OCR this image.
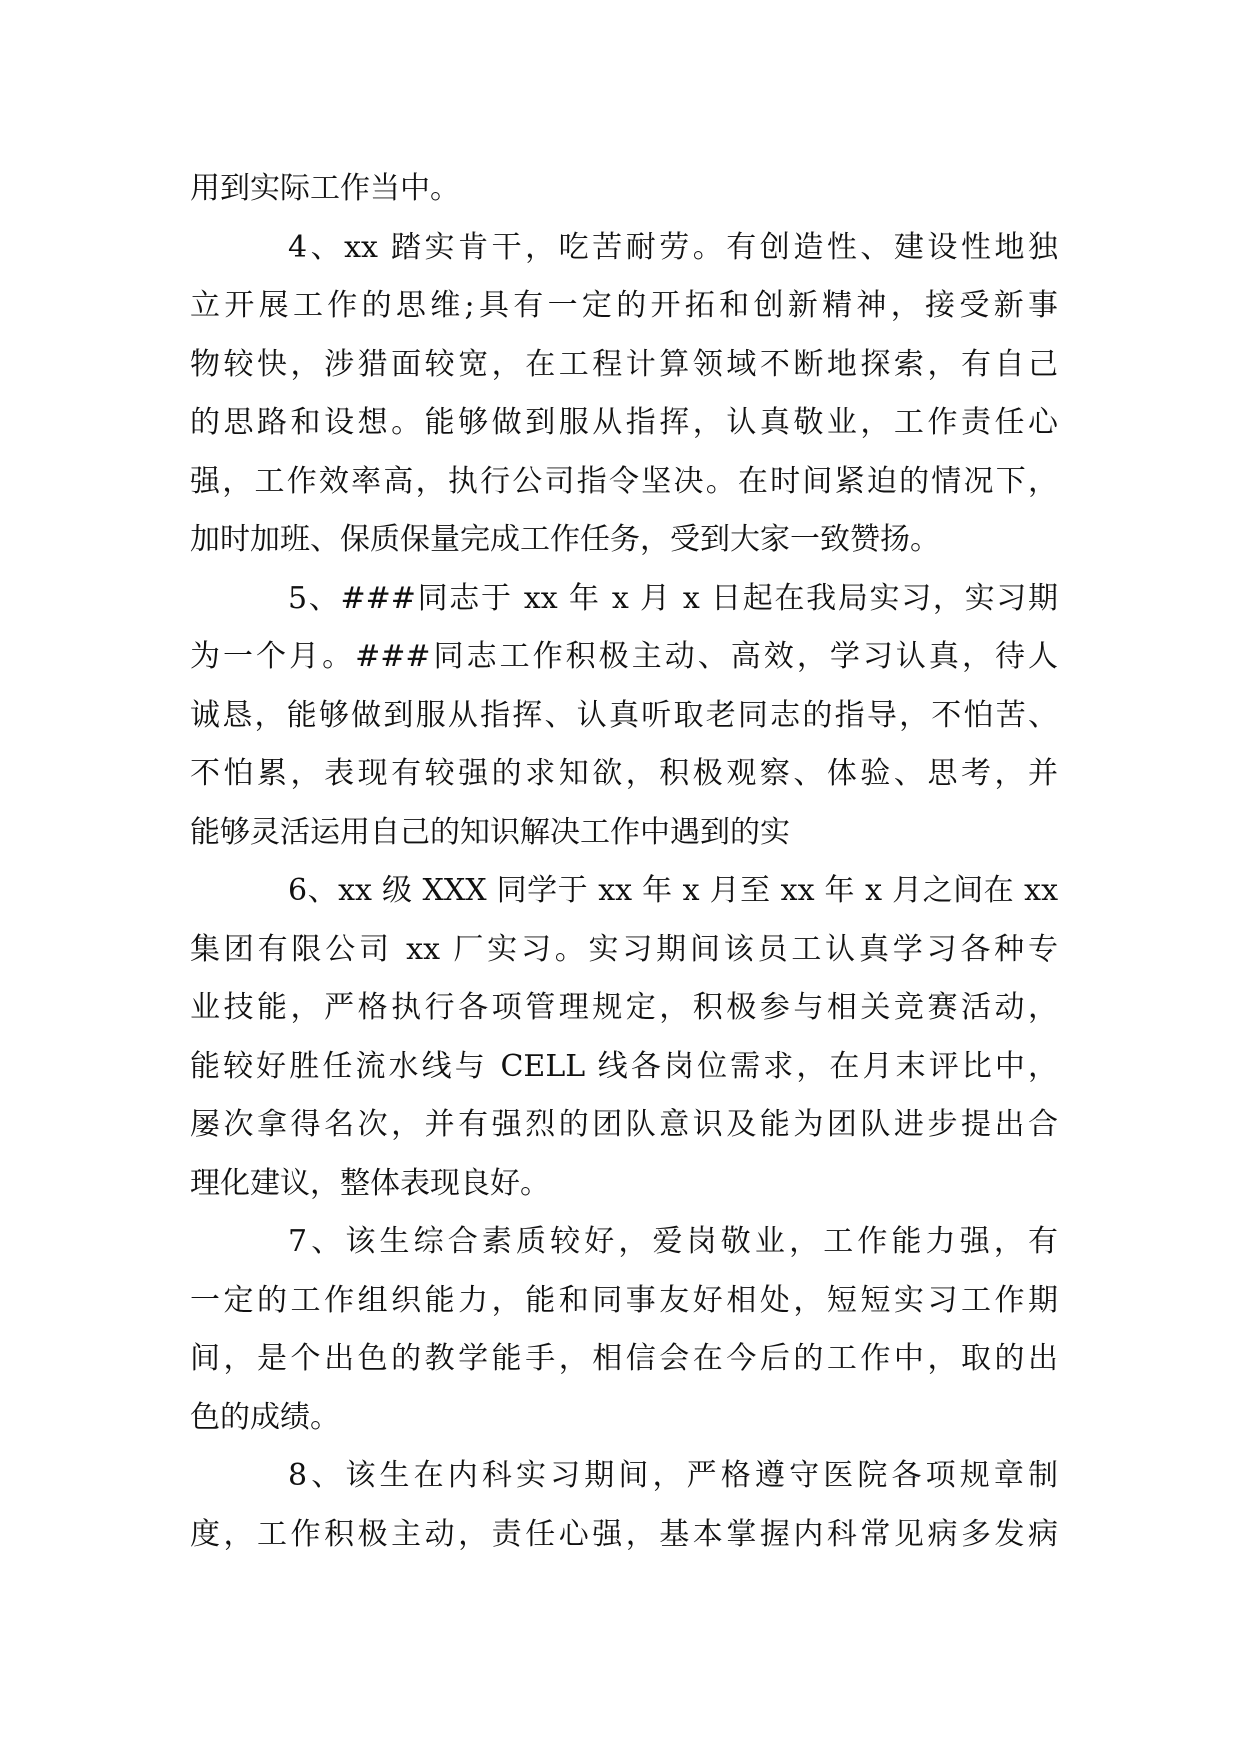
用到实际工作当中。
4、xx 踏实肯干，吃苦耐劳。有创造性、建设性地独
立开展工作的思维;具有一定的开拓和创新精神，接受新事
物较快，涉猎面较宽，在工程计算领域不断地探索，有自己
的思路和设想。能够做到服从指挥，认真敬业，工作责任心
强，工作效率高，执行公司指令坚决。在时间紧迫的情况下，
加时加班、保质保量完成工作任务，受到大家一致赞扬。
5、###同志于 xx 年 x 月 x 日起在我局实习，实习期
为一个月。###同志工作积极主动、高效，学习认真，待人
诚恳，能够做到服从指挥、认真听取老同志的指导，不怕苦、
不怕累，表现有较强的求知欲，积极观察、体验、思考，并
能够灵活运用自己的知识解决工作中遇到的实
6、xx 级 XXX 同学于 xx 年 x 月至 xx 年 x 月之间在 xx
集团有限公司 xx 厂实习。实习期间该员工认真学习各种专
业技能，严格执行各项管理规定，积极参与相关竞赛活动，
能较好胜任流水线与 CELL 线各岗位需求，在月末评比中，
屡次拿得名次，并有强烈的团队意识及能为团队进步提出合
理化建议，整体表现良好。
7、该生综合素质较好，爱岗敬业，工作能力强，有
一定的工作组织能力，能和同事友好相处，短短实习工作期
间，是个出色的教学能手，相信会在今后的工作中，取的出
色的成绩。
8、该生在内科实习期间，严格遵守医院各项规章制
度，工作积极主动，责任心强，基本掌握内科常见病多发病
